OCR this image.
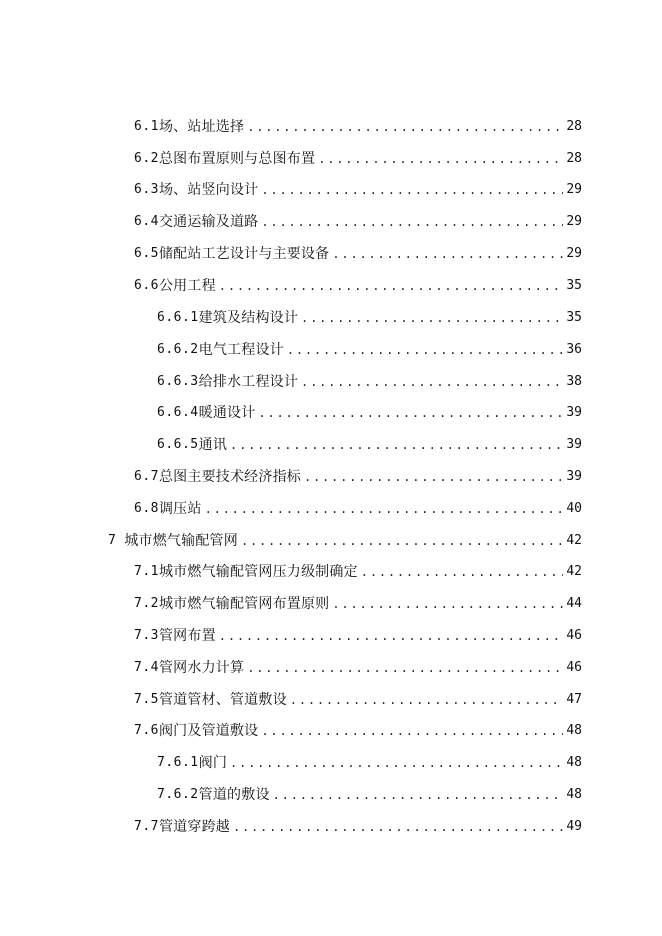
6.1 场、站址选择 .....	28
6.2 总图布置原则与总图布置 .....	28
6.3 场、站竖向设计 .....	29
6.4 交通运输及道路 .....	29
6.5 储配站工艺设计与主要设备 .....	29
6.6 公用工程 .....	35
6.6.1 建筑及结构设计 .....	35
6.6.2 电气工程设计 .....	36
6.6.3 给排水工程设计 .....	38
6.6.4 暖通设计 .....	39
6.6.5 通讯 .....	39
6.7 总图主要技术经济指标 .....	39
6.8 调压站 .....	40
7 城市燃气输配管网 .....	42
7.1 城市燃气输配管网压力级制确定 .....	42
7.2 城市燃气输配管网布置原则 .....	44
7.3 管网布置 .....	46
7.4 管网水力计算 .....	46
7.5 管道管材、管道敷设 .....	47
7.6 阀门及管道敷设 .....	48
7.6.1 阀门 .....	48
7.6.2 管道的敷设 .....	48
7.7 管道穿跨越 .....	49
